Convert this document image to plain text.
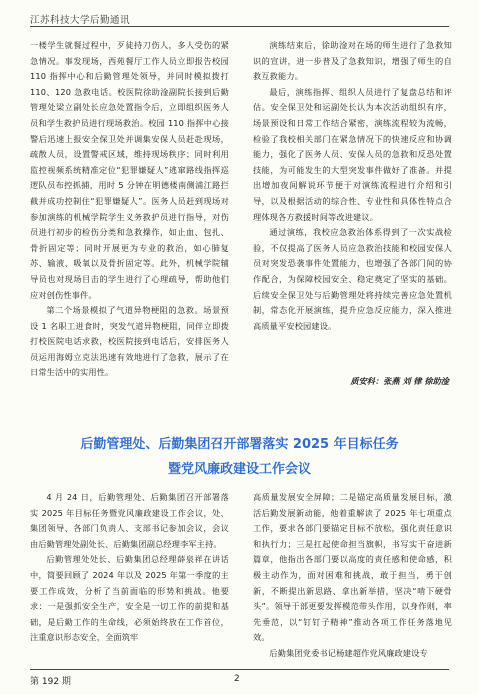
江苏科技大学后勤通讯

一楼学生就餐过程中，歹徒持刀伤人，多人受伤的紧急情况。事发现场，西苑餐厅工作人员立即报告校园 110 指挥中心和后勤管理处领导，并同时模拟拨打 110、120 急救电话。校医院徐助淦副院长接到后勤管理处梁立副处长应急处置指令后，立即组织医务人员和学生救护员进行现场救治。校园 110 指挥中心接警后迅速上报安全保卫处并调集安保人员赶赴现场，疏散人员，设置警戒区域，维持现场秩序；同时利用监控视频系统精准定位“犯罪嫌疑人”逃窜路线指挥巡逻队员布控抓捕，用时 5 分钟在明德楼南侧浦江路拦截并成功控制住“犯罪嫌疑人”。医务人员赶到现场对参加演练的机械学院学生义务救护员进行指导，对伤员进行初步的检伤分类和急救操作，如止血、包扎、骨折固定等；同时开展更为专业的救治，如心肺复苏、输液、吸氧以及骨折固定等。此外，机械学院辅导员也对现场目击的学生进行了心理疏导，帮助他们应对创伤性事件。

第二个场景模拟了气道异物梗阻的急救。场景预设 1 名职工进食时，突发气道异物梗阻，同伴立即拨打校医院电话求救，校医院接到电话后，安排医务人员运用海姆立克法迅速有效地进行了急救，展示了在日常生活中的实用性。

演练结束后，徐助淦对在场的师生进行了急救知识的宣讲，进一步普及了急救知识，增强了师生的自救互救能力。

最后，演练指挥、组织人员进行了复盘总结和评估。安全保卫处和运副处长认为本次活动组织有序，场景预设和日常工作结合紧密，演练流程较为流畅，检验了我校相关部门在紧急情况下的快速反应和协调能力，强化了医务人员、安保人员的急救和反恐处置技能，为可能发生的大型突发事件做好了准备。并提出增加夜间解说环节便于对演练流程进行介绍和引导，以及根据活动的综合性、专业性和具体性特点合理体现各方救援时间等改进建议。

通过演练，我校应急救治体系得到了一次实战检验，不仅提高了医务人员应急救治技能和校园安保人员对突发恐袭事件处置能力，也增强了各部门间的协作配合，为保障校园安全、稳定奠定了坚实的基础。后续安全保卫处与后勤管理处将持续完善应急处置机制，常态化开展演练，提升应急反应能力，深入推进高质量平安校园建设。

质安科：张燕 刘 律 徐助淦
后勤管理处、后勤集团召开部署落实 2025 年目标任务
暨党风廉政建设工作会议

4 月 24 日，后勤管理处、后勤集团召开部署落实 2025 年目标任务暨党风廉政建设工作会议，处、集团领导、各部门负责人、支部书记参加会议，会议由后勤管理处副处长、后勤集团副总经理李军主持。

后勤管理处处长、后勤集团总经理薛泉祥在讲话中，简要回顾了 2024 年以及 2025 年第一季度的主要工作成效，分析了当前面临的形势和挑战。他要求：一是强抓安全生产，安全是一切工作的前提和基础，是后勤工作的生命线，必须始终放在工作首位，注重意识形态安全，全面筑牢

高质量发展安全屏障；二是锚定高质量发展目标，激活后勤发展新动能，他着重解读了 2025 年七项重点工作，要求各部门要锚定目标不放松，强化责任意识和执行力；三是扛起使命担当旗帜，书写实干奋进新篇章，他指出各部门要以高度的责任感和使命感，积极主动作为，面对困难和挑战，敢于担当，勇于创新，不断提出新思路、拿出新举措，坚决“啃下硬骨头”。领导干部更要发挥模范带头作用，以身作则，率先垂范，以“钉钉子精神”推动各项工作任务落地见效。

后勤集团党委书记杨建超作党风廉政建设专

第 192 期	2
